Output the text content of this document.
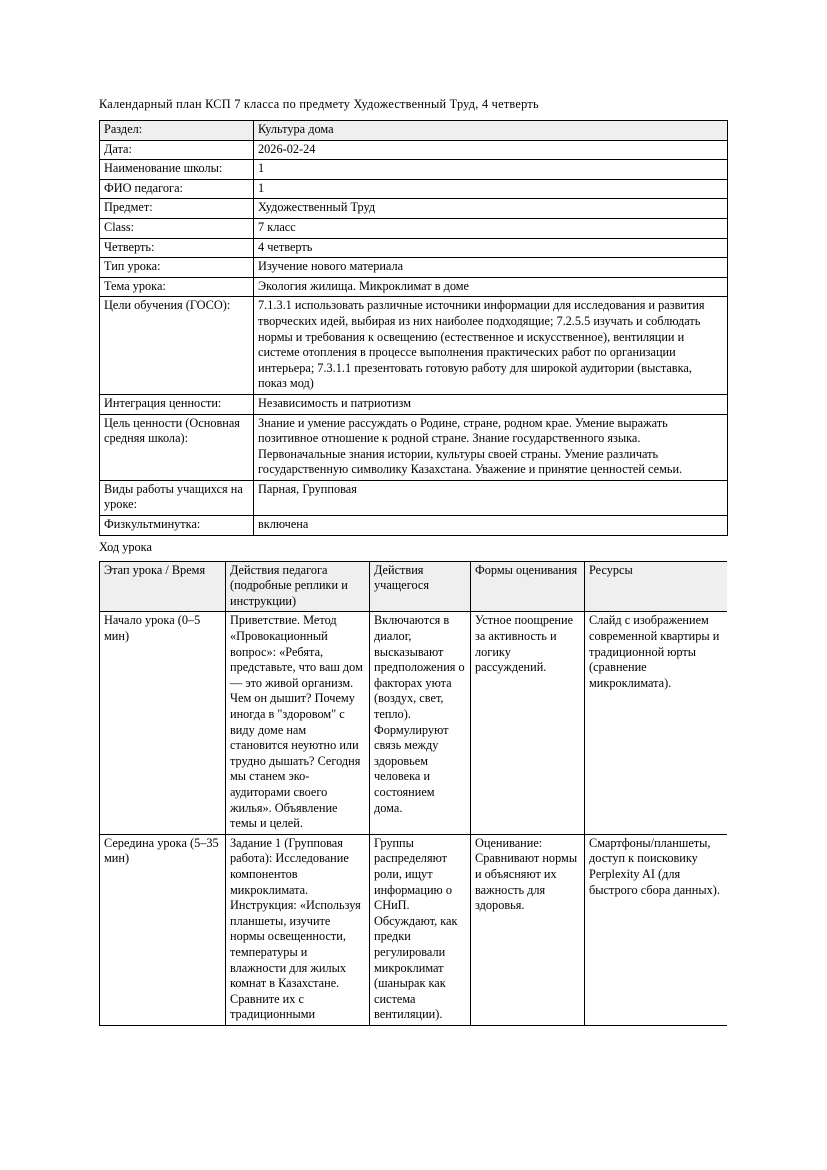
Календарный план КСП 7 класса по предмету Художественный Труд, 4 четверть

Раздел:	Культура дома
Дата:	2026-02-24
Наименование школы:	1
ФИО педагога:	1
Предмет:	Художественный Труд
Class:	7 класс
Четверть:	4 четверть
Тип урока:	Изучение нового материала
Тема урока:	Экология жилища. Микроклимат в доме
Цели обучения (ГОСО):	7.1.3.1 использовать различные источники информации для исследования и развития творческих идей, выбирая из них наиболее подходящие; 7.2.5.5 изучать и соблюдать нормы и требования к освещению (естественное и искусственное), вентиляции и системе отопления в процессе выполнения практических работ по организации интерьера; 7.3.1.1 презентовать готовую работу для широкой аудитории (выставка, показ мод)
Интеграция ценности:	Независимость и патриотизм
Цель ценности (Основная средняя школа):	Знание и умение рассуждать о Родине, стране, родном крае. Умение выражать позитивное отношение к родной стране. Знание государственного языка. Первоначальные знания истории, культуры своей страны. Умение различать государственную символику Казахстана. Уважение и принятие ценностей семьи.
Виды работы учащихся на уроке:	Парная, Групповая
Физкультминутка:	включена

Ход урока

Этап урока / Время	Действия педагога (подробные реплики и инструкции)	Действия учащегося	Формы оценивания	Ресурсы
Начало урока (0–5 мин)	Приветствие. Метод «Провокационный вопрос»: «Ребята, представьте, что ваш дом — это живой организм. Чем он дышит? Почему иногда в "здоровом" с виду доме нам становится неуютно или трудно дышать? Сегодня мы станем эко-аудиторами своего жилья». Объявление темы и целей.	Включаются в диалог, высказывают предположения о факторах уюта (воздух, свет, тепло). Формулируют связь между здоровьем человека и состоянием дома.	Устное поощрение за активность и логику рассуждений.	Слайд с изображением современной квартиры и традиционной юрты (сравнение микроклимата).
Середина урока (5–35 мин)	Задание 1 (Групповая работа): Исследование компонентов микроклимата. Инструкция: «Используя планшеты, изучите нормы освещенности, температуры и влажности для жилых комнат в Казахстане. Сравните их с традиционными	Группы распределяют роли, ищут информацию о СНиП. Обсуждают, как предки регулировали микроклимат (шанырак как система вентиляции).	Оценивание: Сравнивают нормы и объясняют их важность для здоровья.	Смартфоны/планшеты, доступ к поисковику Perplexity AI (для быстрого сбора данных).
